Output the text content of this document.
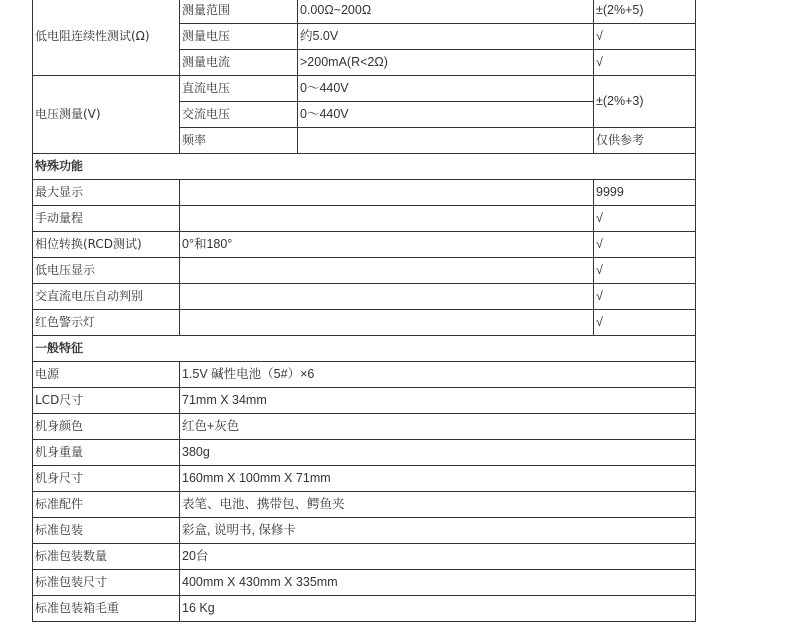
低电阻连续性测试(Ω)	测量范围	0.00Ω~200Ω	±(2%+5)
	测量电压	约5.0V	√
	测量电流	>200mA(R<2Ω)	√
电压测量(V)	直流电压	0～440V	±(2%+3)
	交流电压	0～440V	
	频率		仅供参考
特殊功能			
最大显示			9999
手动量程			√
相位转换(RCD测试)	0°和180°		√
低电压显示			√
交直流电压自动判别			√
红色警示灯			√
一般特征			
电源	1.5V 碱性电池（5#）×6		
LCD尺寸	71mm X 34mm		
机身颜色	红色+灰色		
机身重量	380g		
机身尺寸	160mm X 100mm X 71mm		
标准配件	表笔、电池、携带包、鳄鱼夹		
标准包装	彩盒, 说明书, 保修卡		
标准包装数量	20台		
标准包装尺寸	400mm X 430mm X 335mm		
标准包装箱毛重	16 Kg		
